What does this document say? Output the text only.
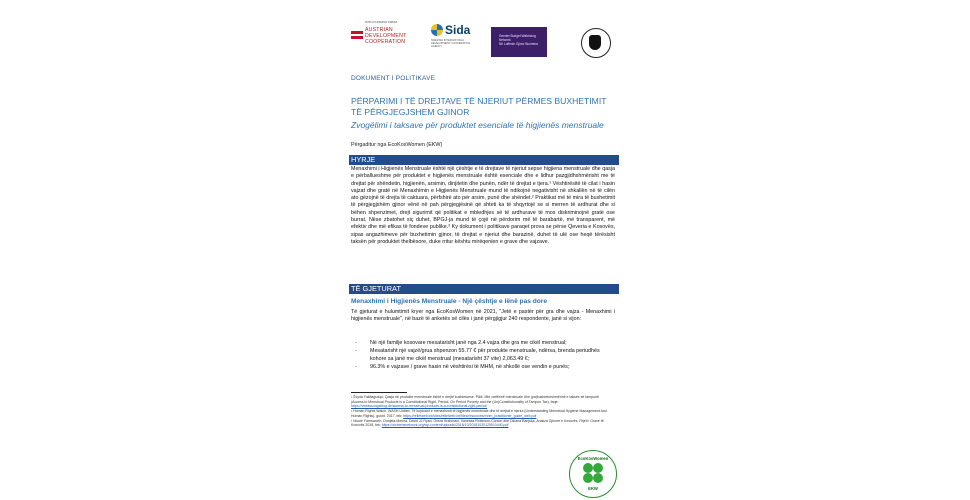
WITH FUNDING FROM
AUSTRIAN
DEVELOPMENT
COOPERATION
Sida
SWEDISH INTERNATIONAL DEVELOPMENT COOPERATION AGENCY
Gender Budget Watchdog Network
Në Luftimin Gjinor Buxhetor
DOKUMENT I POLITIKAVE
PËRPARIMI I TË DREJTAVE TË NJERIUT PËRMES BUXHETIMIT TË PËRGJEGJSHEM GJINOR
Zvogëlimi i taksave për produktet esenciale të higjienës menstruale
Përgaditur nga EcoKosWomen (EKW)
HYRJE
Menaxhimi i Higjienës Menstruale është një çështje e të drejtave të njeriut sepse higjiena menstruale dhe qasja e përballueshme për produktet e higjienës menstruale është esenciale dhe e lidhur pazgjidhshmërisht me të drejtat për shëndetin, higjienën, arsimin, dinjitetin dhe punën, ndër të drejtat e tjera.¹ Vështirësitë të cilat i hasin vajzat dhe gratë në Menaxhimin e Higjienës Menstruale mund të ndikojnë negativisht në shkallën në të cilën ato gëzojnë të drejta të caktuara, përfshirë ato për arsim, punë dhe shëndet.² Praktikat më të mira të buxhetimit të përgjegjshëm gjinor vënë në pah përgjegjësinë që shteti ka të shqyrtojë se si merren të ardhurat dhe si bëhen shpenzimet, drejt sigurimit që politikat e mbledhjes së të ardhurave të mos diskriminojnë gratë ose burrat. Nëse zbatohet siç duhet, BPGJ-ja mund të çojë në përdorim më të barabartë, më transparent, më efektiv dhe më efikas të fondeve publike.³ Ky dokument i politikave paraqet prova se përse Qeveria e Kosovës, sipas angazhimeve për buxhetimin gjinor, të drejtat e njeriut dhe barazinë, duhet të ulë ose heqë tërësisht taksën për produktet thelbësore, duke rritur kështu mirëqenien e grave dhe vajzave.
TË GJETURAT
Menaxhimi i Higjienës Menstruale - Një çështje e lënë pas dore
Të gjeturat e hulumtimit kryer nga EcoKosWomen në 2021, "Jetë e pastër për gra dhe vajza - Menaxhimi i higjienës menstruale", në bazë të anketës së cilës i janë përgjigjur 240 respondente, janë si vijon:
- Në një familje kosovare mesatarisht janë nga 2.4 vajza dhe gra me cikël menstrual;
- Mesatarisht një vajzë/grua shpenzon 55.77 € për produkte menstruale, ndërsa, brenda periudhës kohore sa janë me cikël menstrual (mesatarisht 37 vite) 2,063.49 €;
- 96.3% e vajzave / grave hasin në vështirësi të MHM, në shkollë ose vendin e punës;

¹ Švyda Fakltagudąs; Qasja në produkte menstruale është e drejtë kushtetuese. Pikë. Mbi varfërinë menstruale dhe (pa)kushtetutshmërinë e taksës së tamponit (Access to Menstrual Products is a Constitutional Right. Period. On Period Poverty and the (Un)Constitutionality of Tampon Tax), faqe: https://verfassungsblog.de/access-to-menstrual-products-is-a-constitutional-right-period/

² Human Rights Watch, WASH United; Të kuptuarit e menaxhimit të higjienës menstruale dhe të drejtat e njeriut (Understanding Menstrual Hygiene Management And Human Rights), gusht, 2017, tek: https://reliefweb.int/sites/reliefweb.int/files/resources/mhm_practitioner_guide_web.pdf

³ Nicole Farnsworth, Donjeta Morina, David JJ Ryan, Greza Krahmani, Vanessa Robinson-Conlon dhe Diriana Banjska, Analiza Gjinore e Kosovës, Rrjeti i Grave të Kosovës 2018, tek: https://womensnetwork.org/wp-content/uploads/2018/10/20181030125510440.pdf

EcoKosWomen
EKW
